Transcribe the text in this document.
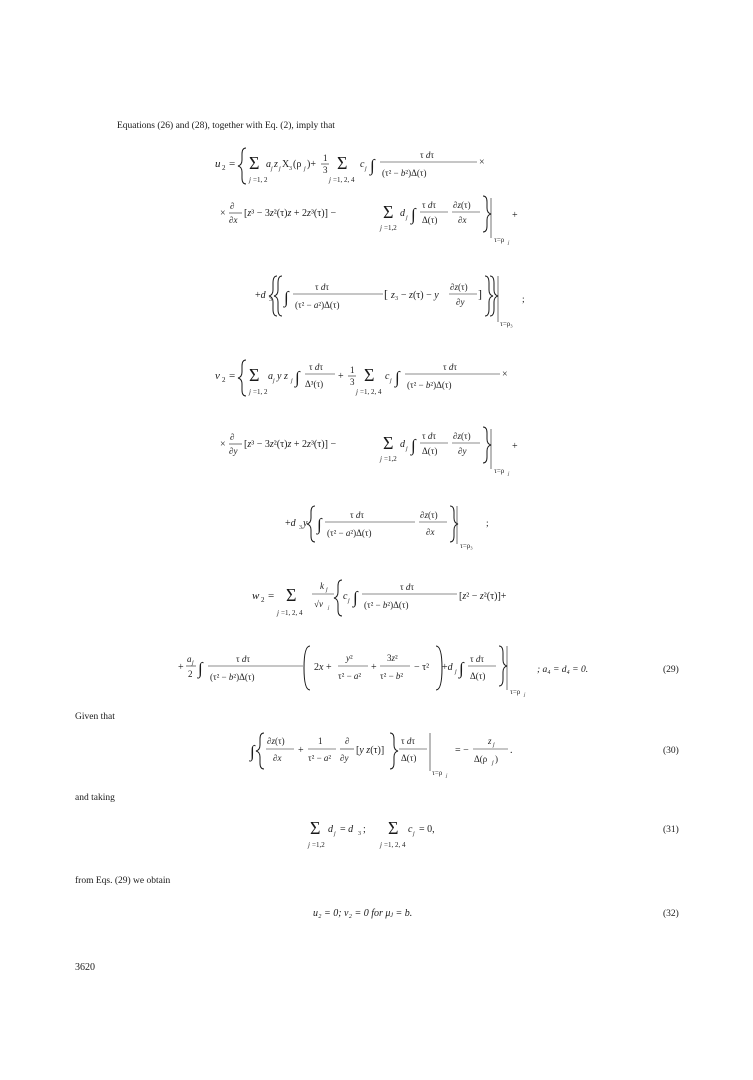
Equations (26) and (28), together with Eq. (2), imply that
u 2 = Σ
j =1, 2
a j z j X 3 (ρ j )+
1
3 Σ
j =1, 2, 4
c j ∫
τ dτ
(τ² − b²)Δ(τ)
×
×
∂
∂x
[z³ − 3z²(τ)z + 2z³(τ)] −	Σ
j =1,2
d j ∫ τ dτ
Δ(τ)
∂z(τ)
∂x
τ=ρ j
+
+d 3 ∫
τ dτ
(τ² − a²)Δ(τ)
[ z₃ − z(τ) − y
∂z(τ)
∂y
]
τ=ρ₃
;
v 2 = Σ
j =1, 2
a j y z j ∫
τ dτ
Δ³(τ)
+
1
3 Σ
j =1, 2, 4
c j ∫
τ dτ
(τ² − b²)Δ(τ)
×
×
∂
∂y
[z³ − 3z²(τ)z + 2z³(τ)] −	Σ
j =1,2
d j ∫ τ dτ
Δ(τ)
∂z(τ)
∂y
τ=ρ j
+
+d 3 y ∫	τ dτ
(τ² − a²)Δ(τ)
∂z(τ)
∂x
τ=ρ₃
;
w 2 = Σ
j =1, 2, 4
k j
√v j
c j ∫
τ dτ
(τ² − b²)Δ(τ)
[z² − z²(τ)]+
+
a j
2 ∫	τ dτ
(τ² − b²)Δ(τ)
2x +
y²
τ² − a²
+
3z²
τ² − b²
− τ² +d j ∫ τ dτ
Δ(τ)
τ=ρ j
; a₄ = d₄ = 0.	(29)
Given that
∫
∂z(τ)
∂x
+
1
τ² − a²
∂
∂y
[y z(τ)]
τ dτ
Δ(τ)
τ=ρ j
= −
z j
Δ(ρ j )
.	(30)
and taking
Σ
j =1,2
d j = d 3 ; Σ
j =1, 2, 4
c j = 0,	(31)
from Eqs. (29) we obtain
u₂ = 0; v₂ = 0 for μⱼ = b.	(32)
3620
